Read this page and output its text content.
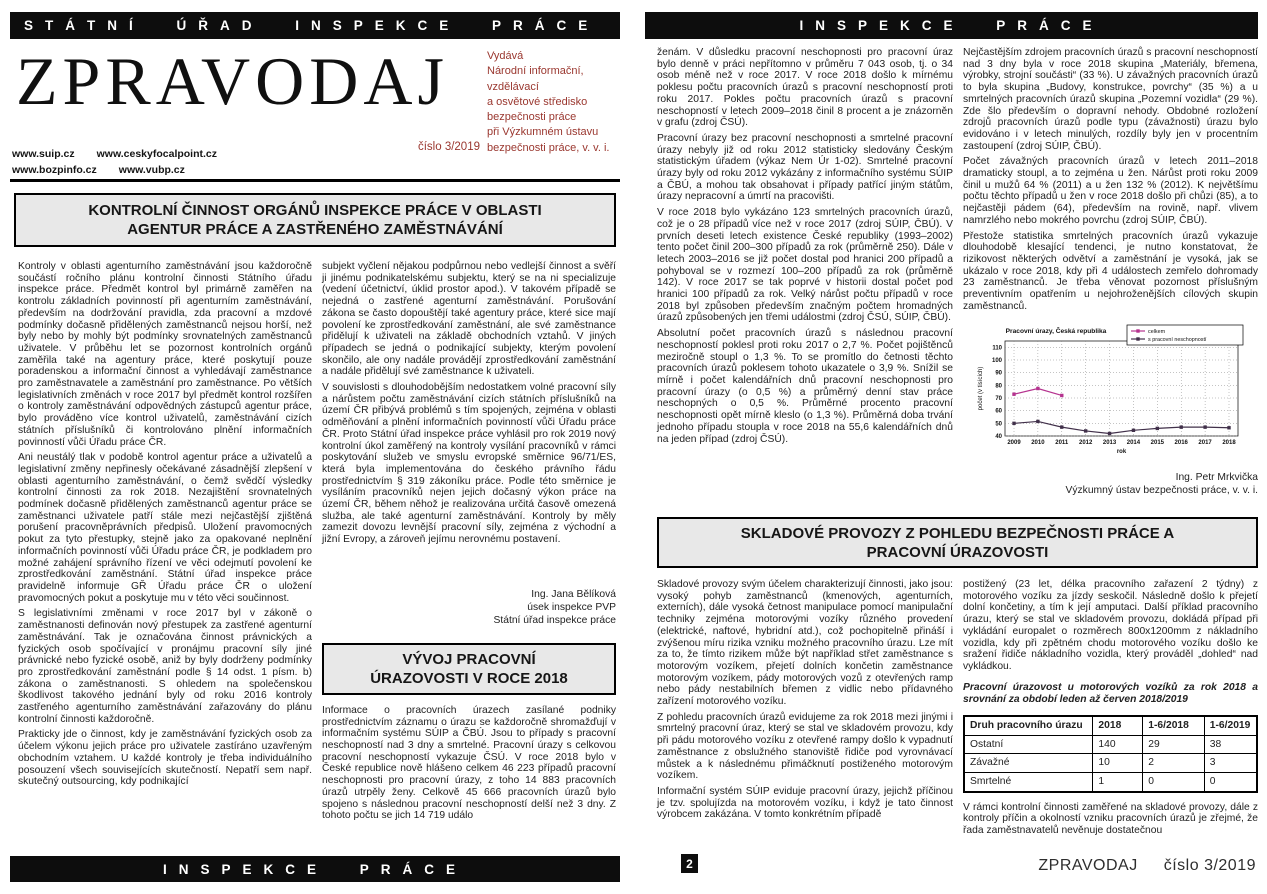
STÁTNÍ ÚŘAD INSPEKCE PRÁCE
ZPRAVODAJ	Vydává
Národní informační,
vzdělávací
a osvětové středisko
bezpečnosti práce
při Výzkumném ústavu
bezpečnosti práce, v. v. i.
číslo 3/2019
www.suip.cz www.ceskyfocalpoint.cz
www.bozpinfo.cz www.vubp.cz
KONTROLNÍ ČINNOST ORGÁNŮ INSPEKCE PRÁCE V OBLASTI AGENTUR PRÁCE A ZASTŘENÉHO ZAMĚSTNÁVÁNÍ

Kontroly v oblasti agenturního zaměstnávání jsou každoročně součástí ročního plánu kontrolní činnosti Státního úřadu inspekce práce. Předmět kontrol byl primárně zaměřen na kontrolu základních povinností při agenturním zaměstnávání, především na dodržování pravidla, zda pracovní a mzdové podmínky dočasně přidělených zaměstnanců nejsou horší, než byly nebo by mohly být podmínky srovnatelných zaměstnanců uživatele. V průběhu let se pozornost kontrolních orgánů zaměřila také na agentury práce, které poskytují pouze poradenskou a informační činnost a vyhledávají zaměstnance pro zaměstnavatele a zaměstnání pro zaměstnance. Po větších legislativních změnách v roce 2017 byl předmět kontrol rozšířen o kontroly zaměstnávání odpovědných zástupců agentur práce, bylo prováděno více kontrol uživatelů, zaměstnávání cizích státních příslušníků či kontrolováno plnění informačních povinností vůči Úřadu práce ČR.

Ani neustálý tlak v podobě kontrol agentur práce a uživatelů a legislativní změny nepřinesly očekávané zásadnější zlepšení v oblasti agenturního zaměstnávání, o čemž svědčí výsledky kontrolní činnosti za rok 2018. Nezajištění srovnatelných podmínek dočasně přidělených zaměstnanců agentur práce se zaměstnanci uživatele patří stále mezi nejčastější zjištěná porušení pracovněprávních předpisů. Uložení pravomocných pokut za tyto přestupky, stejně jako za opakované neplnění informačních povinností vůči Úřadu práce ČR, je podkladem pro možné zahájení správního řízení ve věci odejmutí povolení ke zprostředkování zaměstnání. Státní úřad inspekce práce pravidelně informuje GŘ Úřadu práce ČR o uložení pravomocných pokut a poskytuje mu v této věci součinnost.

S legislativními změnami v roce 2017 byl v zákoně o zaměstnanosti definován nový přestupek za zastřené agenturní zaměstnávání. Tak je označována činnost právnických a fyzických osob spočívající v pronájmu pracovní síly jiné právnické nebo fyzické osobě, aniž by byly dodrženy podmínky pro zprostředkování zaměstnání podle § 14 odst. 1 písm. b) zákona o zaměstnanosti. S ohledem na společenskou škodlivost takového jednání byly od roku 2016 kontroly zastřeného agenturního zaměstnávání zařazovány do plánu kontrolní činnosti každoročně.

Prakticky jde o činnost, kdy je zaměstnávání fyzických osob za účelem výkonu jejich práce pro uživatele zastíráno uzavřeným obchodním vztahem. U každé kontroly je třeba individuálního posouzení všech souvisejících skutečností. Nepatří sem např. skutečný outsourcing, kdy podnikající

subjekt vyčlení nějakou podpůrnou nebo vedlejší činnost a svěří ji jinému podnikatelskému subjektu, který se na ni specializuje (vedení účetnictví, úklid prostor apod.). V takovém případě se nejedná o zastřené agenturní zaměstnávání. Porušování zákona se často dopouštějí také agentury práce, které sice mají povolení ke zprostředkování zaměstnání, ale své zaměstnance přidělují k uživateli na základě obchodních vztahů. V jiných případech se jedná o podnikající subjekty, kterým povolení skončilo, ale ony nadále provádějí zprostředkování zaměstnání a nadále přidělují své zaměstnance k uživateli.

V souvislosti s dlouhodobějším nedostatkem volné pracovní síly a nárůstem počtu zaměstnávání cizích státních příslušníků na území ČR přibývá problémů s tím spojených, zejména v oblasti odměňování a plnění informačních povinností vůči Úřadu práce ČR. Proto Státní úřad inspekce práce vyhlásil pro rok 2019 nový kontrolní úkol zaměřený na kontroly vysílání pracovníků v rámci poskytování služeb ve smyslu evropské směrnice 96/71/ES, která byla implementována do českého právního řádu prostřednictvím § 319 zákoníku práce. Podle této směrnice je vysíláním pracovníků nejen jejich dočasný výkon práce na území ČR, během něhož je realizována určitá časově omezená služba, ale také agenturní zaměstnávání. Kontroly by měly zamezit dovozu levnější pracovní síly, zejména z východní a jižní Evropy, a zároveň jejímu nerovnému postavení.

Ing. Jana Bělíková
úsek inspekce PVP
Státní úřad inspekce práce
VÝVOJ PRACOVNÍ ÚRAZOVOSTI V ROCE 2018

Informace o pracovních úrazech zasílané podniky prostřednictvím záznamu o úrazu se každoročně shromažďují v informačním systému SÚIP a ČBÚ. Jsou to případy s pracovní neschopností nad 3 dny a smrtelné. Pracovní úrazy s celkovou pracovní neschopností vykazuje ČSÚ. V roce 2018 bylo v České republice nově hlášeno celkem 46 223 případů pracovní neschopnosti pro pracovní úrazy, z toho 14 883 pracovních úrazů utrpěly ženy. Celkově 45 666 pracovních úrazů bylo spojeno s následnou pracovní neschopností delší než 3 dny. Z tohoto počtu se jich 14 719 událo

INSPEKCE PRÁCE
INSPEKCE PRÁCE

ženám. V důsledku pracovní neschopnosti pro pracovní úraz bylo denně v práci nepřítomno v průměru 7 043 osob, tj. o 34 osob méně než v roce 2017. V roce 2018 došlo k mírnému poklesu počtu pracovních úrazů s pracovní neschopností proti roku 2017. Pokles počtu pracovních úrazů s pracovní neschopností v letech 2009–2018 činil 8 procent a je znázorněn v grafu (zdroj ČSÚ).

Pracovní úrazy bez pracovní neschopnosti a smrtelné pracovní úrazy nebyly již od roku 2012 statisticky sledovány Českým statistickým úřadem (výkaz Nem Úr 1-02). Smrtelné pracovní úrazy byly od roku 2012 vykázány z informačního systému SÚIP a ČBÚ, a mohou tak obsahovat i případy patřící jiným státům, úrazy nepracovní a úmrtí na pracovišti.

V roce 2018 bylo vykázáno 123 smrtelných pracovních úrazů, což je o 28 případů více než v roce 2017 (zdroj SÚIP, ČBÚ). V prvních deseti letech existence České republiky (1993–2002) tento počet činil 200–300 případů za rok (průměrně 250). Dále v letech 2003–2016 se již počet dostal pod hranici 200 případů a pohyboval se v rozmezí 100–200 případů za rok (průměrně 142). V roce 2017 se tak poprvé v historii dostal počet pod hranici 100 případů za rok. Velký nárůst počtu případů v roce 2018 byl způsoben především značným počtem hromadných úrazů způsobených jen třemi událostmi (zdroj ČSÚ, SÚIP, ČBÚ).

Absolutní počet pracovních úrazů s následnou pracovní neschopností poklesl proti roku 2017 o 2,7 %. Počet pojištěnců meziročně stoupl o 1,3 %. To se promítlo do četnosti těchto pracovních úrazů poklesem tohoto ukazatele o 3,9 %. Snížil se mírně i počet kalendářních dnů pracovní neschopnosti pro pracovní úrazy (o 0,5 %) a průměrný denní stav práce neschopných o 0,5 %. Průměrné procento pracovní neschopnosti opět mírně kleslo (o 1,3 %). Průměrná doba trvání jednoho případu stoupla v roce 2018 na 55,6 kalendářních dnů na jeden případ (zdroj ČSÚ).

Nejčastějším zdrojem pracovních úrazů s pracovní neschopností nad 3 dny byla v roce 2018 skupina „Materiály, břemena, výrobky, strojní součásti“ (33 %). U závažných pracovních úrazů to byla skupina „Budovy, konstrukce, povrchy“ (35 %) a u smrtelných pracovních úrazů skupina „Pozemní vozidla“ (29 %). Zde šlo především o dopravní nehody. Obdobné rozložení zdrojů pracovních úrazů podle typu (závažnosti) úrazu bylo evidováno i v letech minulých, rozdíly byly jen v procentním zastoupení (zdroj SÚIP, ČBÚ).

Počet závažných pracovních úrazů v letech 2011–2018 dramaticky stoupl, a to zejména u žen. Nárůst proti roku 2009 činil u mužů 64 % (2011) a u žen 132 % (2012). K největšímu počtu těchto případů u žen v roce 2018 došlo při chůzi (85), a to nejčastěji pádem (64), především na rovině, např. vlivem namrzlého nebo mokrého povrchu (zdroj SÚIP, ČBÚ).

Přestože statistika smrtelných pracovních úrazů vykazuje dlouhodobě klesající tendenci, je nutno konstatovat, že rizikovost některých odvětví a zaměstnání je vysoká, jak se ukázalo v roce 2018, kdy při 4 událostech zemřelo dohromady 23 zaměstnanců. Je třeba věnovat pozornost příslušným preventivním opatřením u nejohroženějších cílových skupin zaměstnanců.

40
50
60
70
80
90
100
110
2009 2010 2011 2012 2013 2014 2015 2016 2017 2018
Pracovní úrazy, Česká republika	celkem
s pracovní neschopností
rok
počet (v tisících)
Ing. Petr Mrkvička
Výzkumný ústav bezpečnosti práce, v. v. i.
SKLADOVÉ PROVOZY Z POHLEDU BEZPEČNOSTI PRÁCE A PRACOVNÍ ÚRAZOVOSTI

Skladové provozy svým účelem charakterizují činnosti, jako jsou: vysoký pohyb zaměstnanců (kmenových, agenturních, externích), dále vysoká četnost manipulace pomocí manipulační techniky zejména motorovými vozíky různého provedení (elektrické, naftové, hybridní atd.), což pochopitelně přináší i zvýšenou míru rizika vzniku možného pracovního úrazu. Lze mít za to, že tímto rizikem může být například střet zaměstnance s motorovým vozíkem, přejetí dolních končetin zaměstnance motorovým vozíkem, pády motorových vozů z otevřených ramp nebo pády nestabilních břemen z vidlic nebo přídavného zařízení motorového vozíku.

Z pohledu pracovních úrazů evidujeme za rok 2018 mezi jinými i smrtelný pracovní úraz, který se stal ve skladovém provozu, kdy při pádu motorového vozíku z otevřené rampy došlo k vypadnutí zaměstnance z obslužného stanoviště řidiče pod vyrovnávací můstek a k následnému přimáčknutí postiženého motorovým vozíkem.

Informační systém SÚIP eviduje pracovní úrazy, jejichž příčinou je tzv. spolujízda na motorovém vozíku, i když je tato činnost výrobcem zakázána. V tomto konkrétním případě

postižený (23 let, délka pracovního zařazení 2 týdny) z motorového vozíku za jízdy seskočil. Následně došlo k přejetí dolní končetiny, a tím k její amputaci. Další příklad pracovního úrazu, který se stal ve skladovém provozu, dokládá případ při vykládání europalet o rozměrech 800x1200mm z nákladního vozidla, kdy při zpětném chodu motorového vozíku došlo ke sražení řidiče nákladního vozidla, který prováděl „dohled“ nad vykládkou.

Pracovní úrazovost u motorových vozíků za rok 2018 a srovnání za období leden až červen 2018/2019
Druh pracovního úrazu	2018	1-6/2018	1-6/2019
Ostatní	140	29	38
Závažné	10	2	3
Smrtelné	1	0	0

V rámci kontrolní činnosti zaměřené na skladové provozy, dále z kontroly příčin a okolností vzniku pracovních úrazů je zřejmé, že řada zaměstnavatelů nevěnuje dostatečnou

2	ZPRAVODAJ číslo 3/2019
